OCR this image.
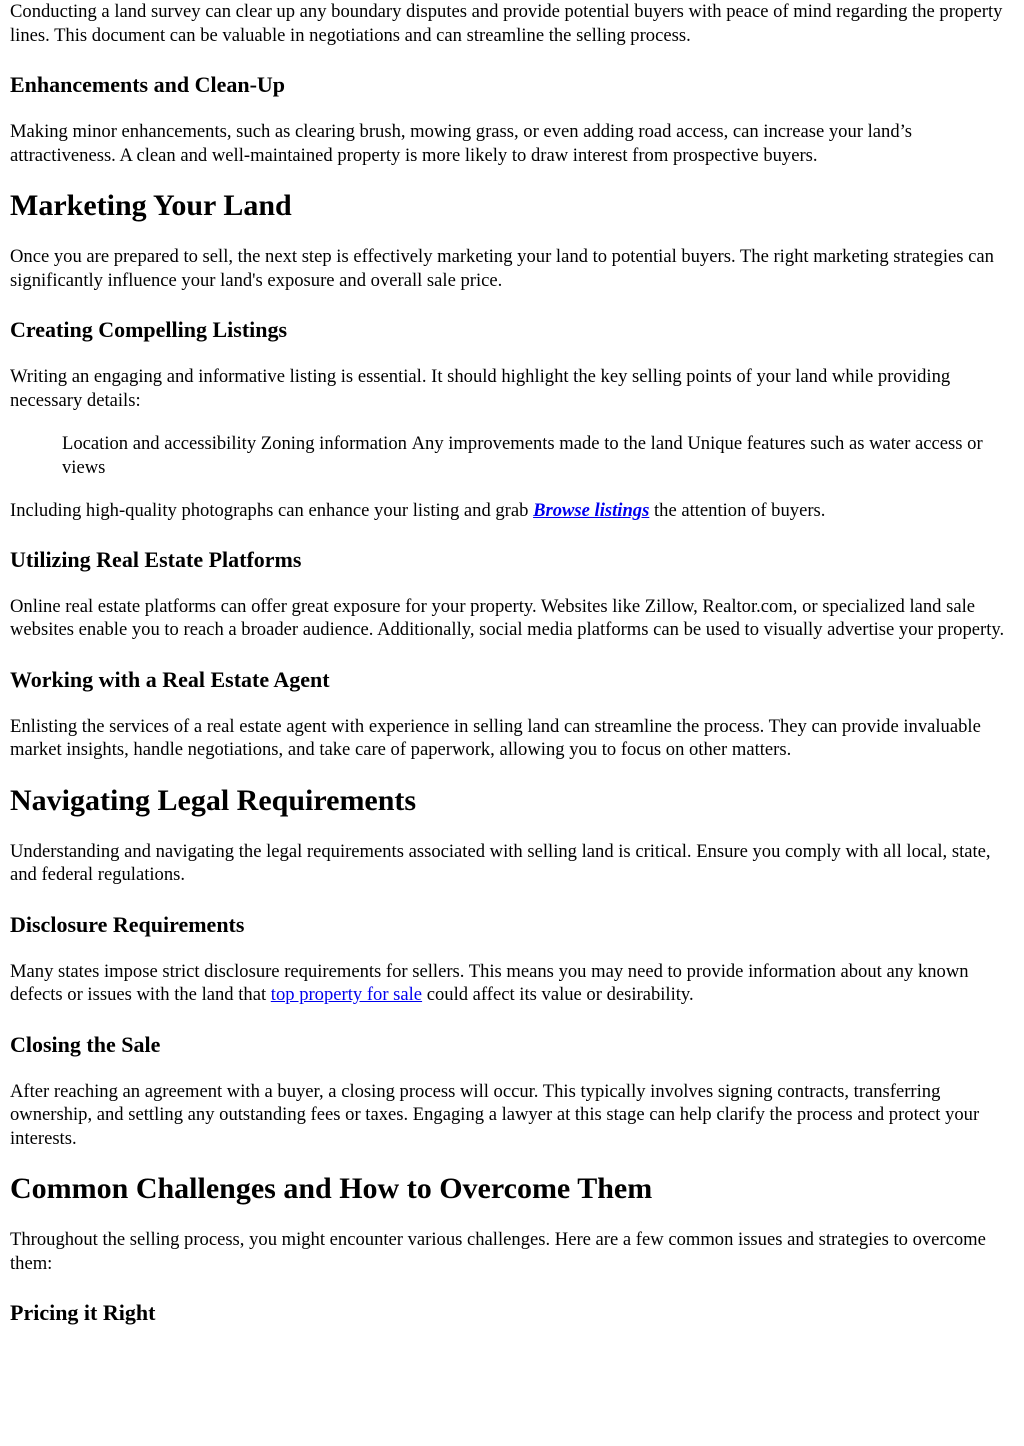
Conducting a land survey can clear up any boundary disputes and provide potential buyers with peace of mind regarding the property lines. This document can be valuable in negotiations and can streamline the selling process.

Enhancements and Clean-Up

Making minor enhancements, such as clearing brush, mowing grass, or even adding road access, can increase your land’s attractiveness. A clean and well-maintained property is more likely to draw interest from prospective buyers.

Marketing Your Land

Once you are prepared to sell, the next step is effectively marketing your land to potential buyers. The right marketing strategies can significantly influence your land's exposure and overall sale price.

Creating Compelling Listings

Writing an engaging and informative listing is essential. It should highlight the key selling points of your land while providing necessary details:

Location and accessibility Zoning information Any improvements made to the land Unique features such as water access or views

Including high-quality photographs can enhance your listing and grab Browse listings the attention of buyers.

Utilizing Real Estate Platforms

Online real estate platforms can offer great exposure for your property. Websites like Zillow, Realtor.com, or specialized land sale websites enable you to reach a broader audience. Additionally, social media platforms can be used to visually advertise your property.

Working with a Real Estate Agent

Enlisting the services of a real estate agent with experience in selling land can streamline the process. They can provide invaluable market insights, handle negotiations, and take care of paperwork, allowing you to focus on other matters.

Navigating Legal Requirements

Understanding and navigating the legal requirements associated with selling land is critical. Ensure you comply with all local, state, and federal regulations.

Disclosure Requirements

Many states impose strict disclosure requirements for sellers. This means you may need to provide information about any known defects or issues with the land that top property for sale could affect its value or desirability.

Closing the Sale

After reaching an agreement with a buyer, a closing process will occur. This typically involves signing contracts, transferring ownership, and settling any outstanding fees or taxes. Engaging a lawyer at this stage can help clarify the process and protect your interests.

Common Challenges and How to Overcome Them

Throughout the selling process, you might encounter various challenges. Here are a few common issues and strategies to overcome them:

Pricing it Right
